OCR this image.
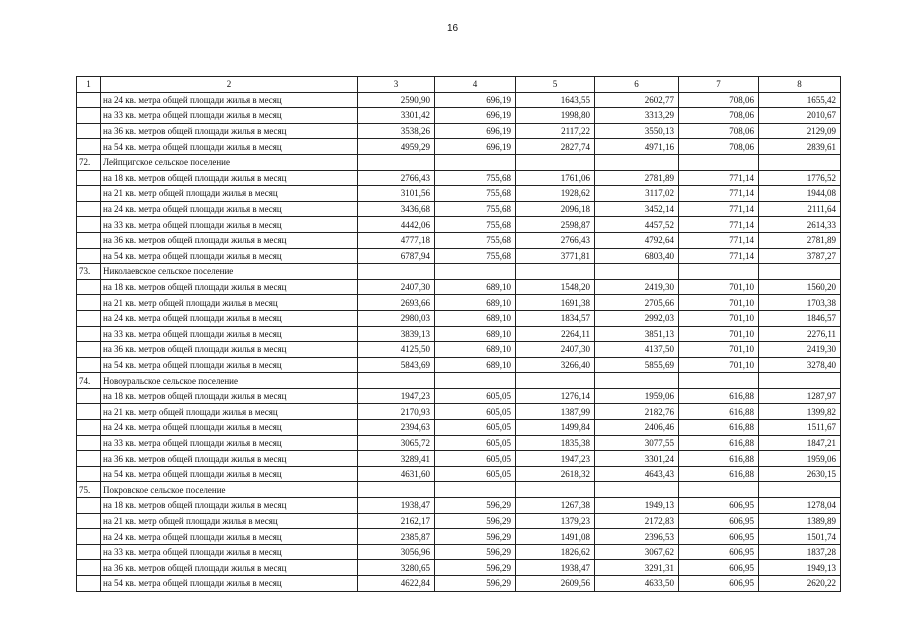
16
1	2	3	4	5	6	7	8
	на 24 кв. метра общей площади жилья в месяц	2590,90	696,19	1643,55	2602,77	708,06	1655,42
	на 33 кв. метра общей площади жилья в месяц	3301,42	696,19	1998,80	3313,29	708,06	2010,67
	на 36 кв. метров общей площади жилья в месяц	3538,26	696,19	2117,22	3550,13	708,06	2129,09
	на 54 кв. метра общей площади жилья в месяц	4959,29	696,19	2827,74	4971,16	708,06	2839,61
72.	Лейпцигское сельское поселение						
	на 18 кв. метров общей площади жилья в месяц	2766,43	755,68	1761,06	2781,89	771,14	1776,52
	на 21 кв. метр общей площади жилья в месяц	3101,56	755,68	1928,62	3117,02	771,14	1944,08
	на 24 кв. метра общей площади жилья в месяц	3436,68	755,68	2096,18	3452,14	771,14	2111,64
	на 33 кв. метра общей площади жилья в месяц	4442,06	755,68	2598,87	4457,52	771,14	2614,33
	на 36 кв. метров общей площади жилья в месяц	4777,18	755,68	2766,43	4792,64	771,14	2781,89
	на 54 кв. метра общей площади жилья в месяц	6787,94	755,68	3771,81	6803,40	771,14	3787,27
73.	Николаевское сельское поселение						
	на 18 кв. метров общей площади жилья в месяц	2407,30	689,10	1548,20	2419,30	701,10	1560,20
	на 21 кв. метр общей площади жилья в месяц	2693,66	689,10	1691,38	2705,66	701,10	1703,38
	на 24 кв. метра общей площади жилья в месяц	2980,03	689,10	1834,57	2992,03	701,10	1846,57
	на 33 кв. метра общей площади жилья в месяц	3839,13	689,10	2264,11	3851,13	701,10	2276,11
	на 36 кв. метров общей площади жилья в месяц	4125,50	689,10	2407,30	4137,50	701,10	2419,30
	на 54 кв. метра общей площади жилья в месяц	5843,69	689,10	3266,40	5855,69	701,10	3278,40
74.	Новоуральское сельское поселение						
	на 18 кв. метров общей площади жилья в месяц	1947,23	605,05	1276,14	1959,06	616,88	1287,97
	на 21 кв. метр общей площади жилья в месяц	2170,93	605,05	1387,99	2182,76	616,88	1399,82
	на 24 кв. метра общей площади жилья в месяц	2394,63	605,05	1499,84	2406,46	616,88	1511,67
	на 33 кв. метра общей площади жилья в месяц	3065,72	605,05	1835,38	3077,55	616,88	1847,21
	на 36 кв. метров общей площади жилья в месяц	3289,41	605,05	1947,23	3301,24	616,88	1959,06
	на 54 кв. метра общей площади жилья в месяц	4631,60	605,05	2618,32	4643,43	616,88	2630,15
75.	Покровское сельское поселение						
	на 18 кв. метров общей площади жилья в месяц	1938,47	596,29	1267,38	1949,13	606,95	1278,04
	на 21 кв. метр общей площади жилья в месяц	2162,17	596,29	1379,23	2172,83	606,95	1389,89
	на 24 кв. метра общей площади жилья в месяц	2385,87	596,29	1491,08	2396,53	606,95	1501,74
	на 33 кв. метра общей площади жилья в месяц	3056,96	596,29	1826,62	3067,62	606,95	1837,28
	на 36 кв. метров общей площади жилья в месяц	3280,65	596,29	1938,47	3291,31	606,95	1949,13
	на 54 кв. метра общей площади жилья в месяц	4622,84	596,29	2609,56	4633,50	606,95	2620,22
